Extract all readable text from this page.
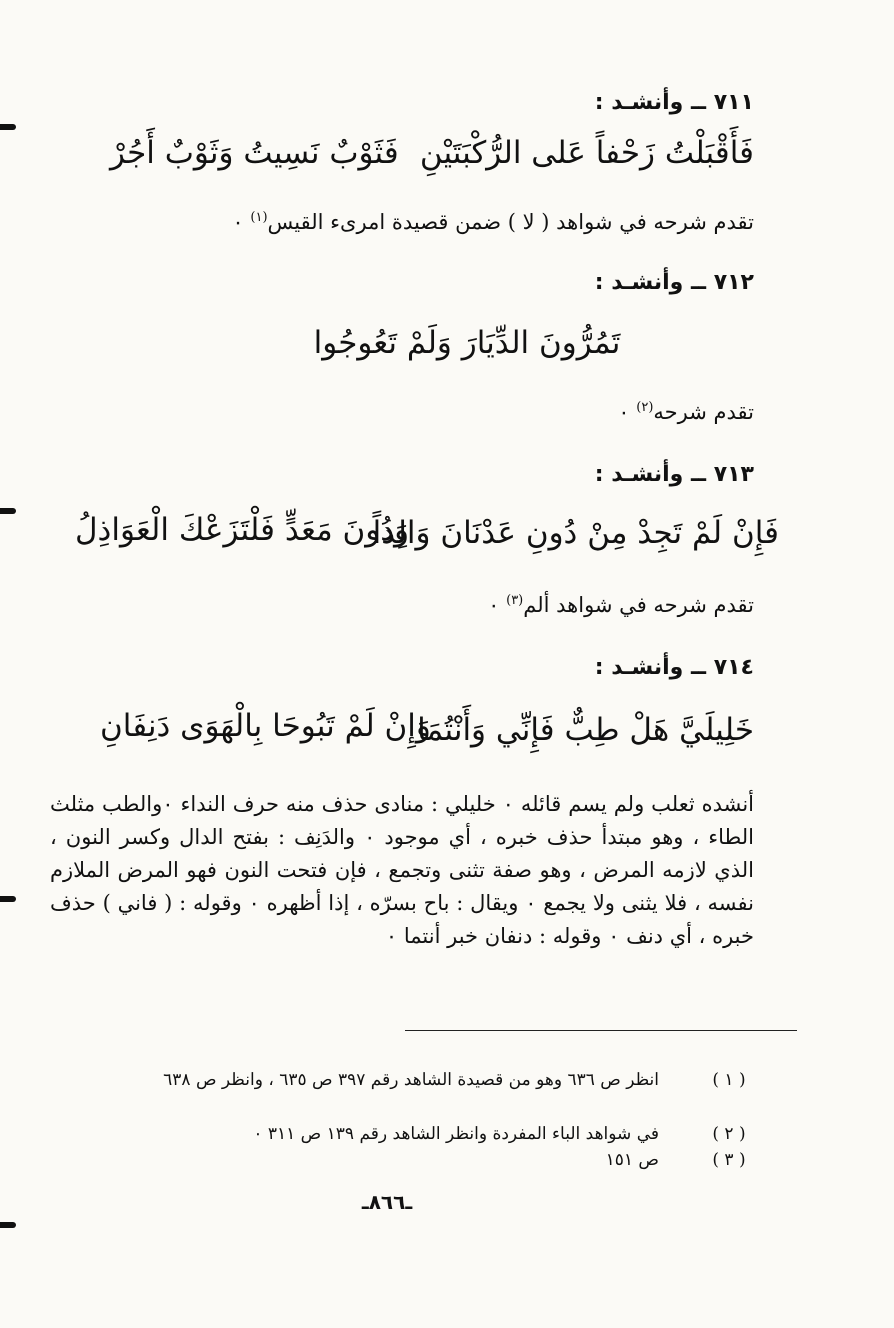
٧١١ ــ وأنشـد :
فَأَقْبَلْتُ زَحْفاً عَلى الرُّكْبَتَيْنِ
فَثَوْبٌ نَسِيتُ وَثَوْبٌ أَجُرْ
تقدم شرحه في شواهد ( لا ) ضمن قصيدة امرىء القيس$^{(١)}$ ٠
٧١٢ ــ وأنشـد :
تَمُرُّونَ الدِّيَارَ وَلَمْ تَعُوجُوا
تقدم شرحه$^{(٢)}$ ٠
٧١٣ ــ وأنشـد :
فَإِنْ لَمْ تَجِدْ مِنْ دُونِ عَدْنَانَ وَالِداً
وَدُونَ مَعَدٍّ فَلْتَزَعْكَ الْعَوَاذِلُ
تقدم شرحه في شواهد ألم$^{(٣)}$ ٠
٧١٤ ــ وأنشـد :
خَلِيلَيَّ هَلْ طِبٌّ فَإِنِّي وَأَنْتُمَا
وَإِنْ لَمْ تَبُوحَا بِالْهَوَى دَنِفَانِ
أنشده ثعلب ولم يسم قائله ٠ خليلي : منادى حذف منه حرف النداء ٠والطب مثلث الطاء ، وهو مبتدأ حذف خبره ، أي موجود ٠ والدَنِف : بفتح الدال وكسر النون ، الذي لازمه المرض ، وهو صفة تثنى وتجمع ، فإن فتحت النون فهو المرض الملازم نفسه ، فلا يثنى ولا يجمع ٠ ويقال : باح بسرّه ، إذا أظهره ٠ وقوله : ( فاني ) حذف خبره ، أي دنف ٠ وقوله : دنفان خبر أنتما ٠
( ١ )
انظر ص ٦٣٦ وهو من قصيدة الشاهد رقم ٣٩٧ ص ٦٣٥ ، وانظر ص ٦٣٨
( ٢ )
في شواهد الباء المفردة وانظر الشاهد رقم ١٣٩ ص ٣١١ ٠
( ٣ )
ص ١٥١
ـ٨٦٦ـ
